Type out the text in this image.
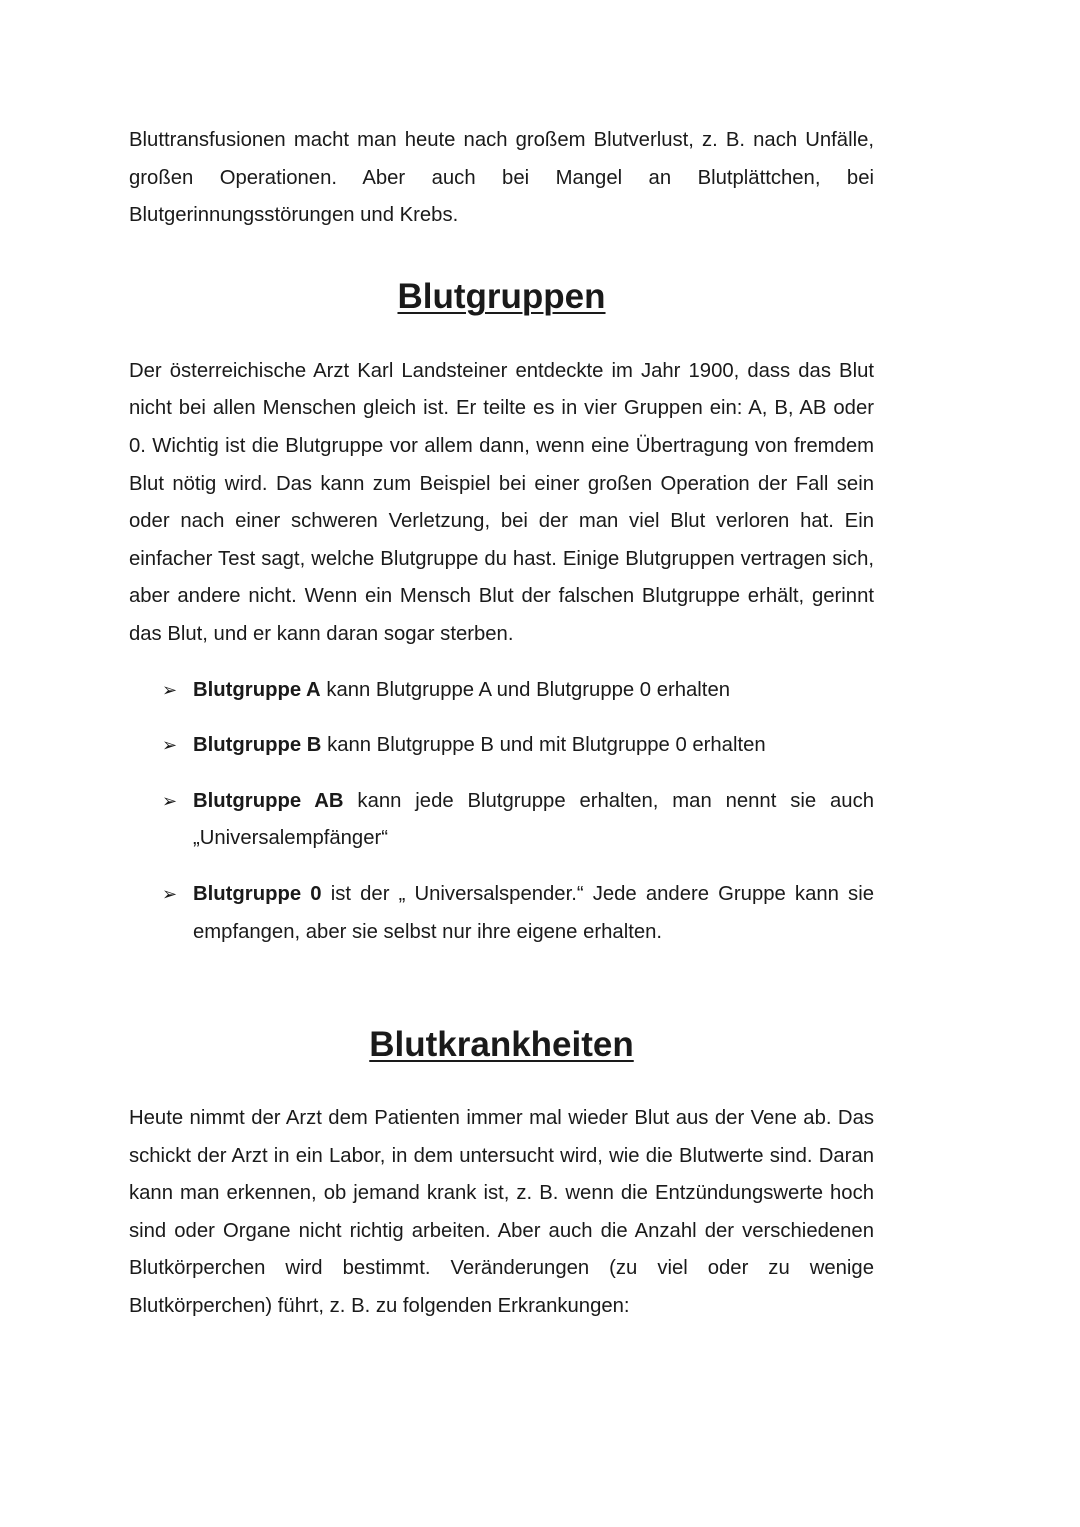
Bluttransfusionen macht man heute nach großem Blutverlust, z. B. nach Unfälle, großen Operationen. Aber auch bei Mangel an Blutplättchen, bei Blutgerinnungsstörungen und Krebs.

Blutgruppen

Der österreichische Arzt Karl Landsteiner entdeckte im Jahr 1900, dass das Blut nicht bei allen Menschen gleich ist. Er teilte es in vier Gruppen ein: A, B, AB oder 0. Wichtig ist die Blutgruppe vor allem dann, wenn eine Übertragung von fremdem Blut nötig wird. Das kann zum Beispiel bei einer großen Operation der Fall sein oder nach einer schweren Verletzung, bei der man viel Blut verloren hat. Ein einfacher Test sagt, welche Blutgruppe du hast. Einige Blutgruppen vertragen sich, aber andere nicht. Wenn ein Mensch Blut der falschen Blutgruppe erhält, gerinnt das Blut, und er kann daran sogar sterben.

➢ Blutgruppe A kann Blutgruppe A und Blutgruppe 0 erhalten
➢ Blutgruppe B kann Blutgruppe B und mit Blutgruppe 0 erhalten
➢ Blutgruppe AB kann jede Blutgruppe erhalten, man nennt sie auch „Universalempfänger“
➢ Blutgruppe 0 ist der „ Universalspender.“ Jede andere Gruppe kann sie empfangen, aber sie selbst nur ihre eigene erhalten.
Blutkrankheiten

Heute nimmt der Arzt dem Patienten immer mal wieder Blut aus der Vene ab. Das schickt der Arzt in ein Labor, in dem untersucht wird, wie die Blutwerte sind. Daran kann man erkennen, ob jemand krank ist, z. B. wenn die Entzündungswerte hoch sind oder Organe nicht richtig arbeiten. Aber auch die Anzahl der verschiedenen Blutkörperchen wird bestimmt. Veränderungen (zu viel oder zu wenige Blutkörperchen) führt, z. B. zu folgenden Erkrankungen:
